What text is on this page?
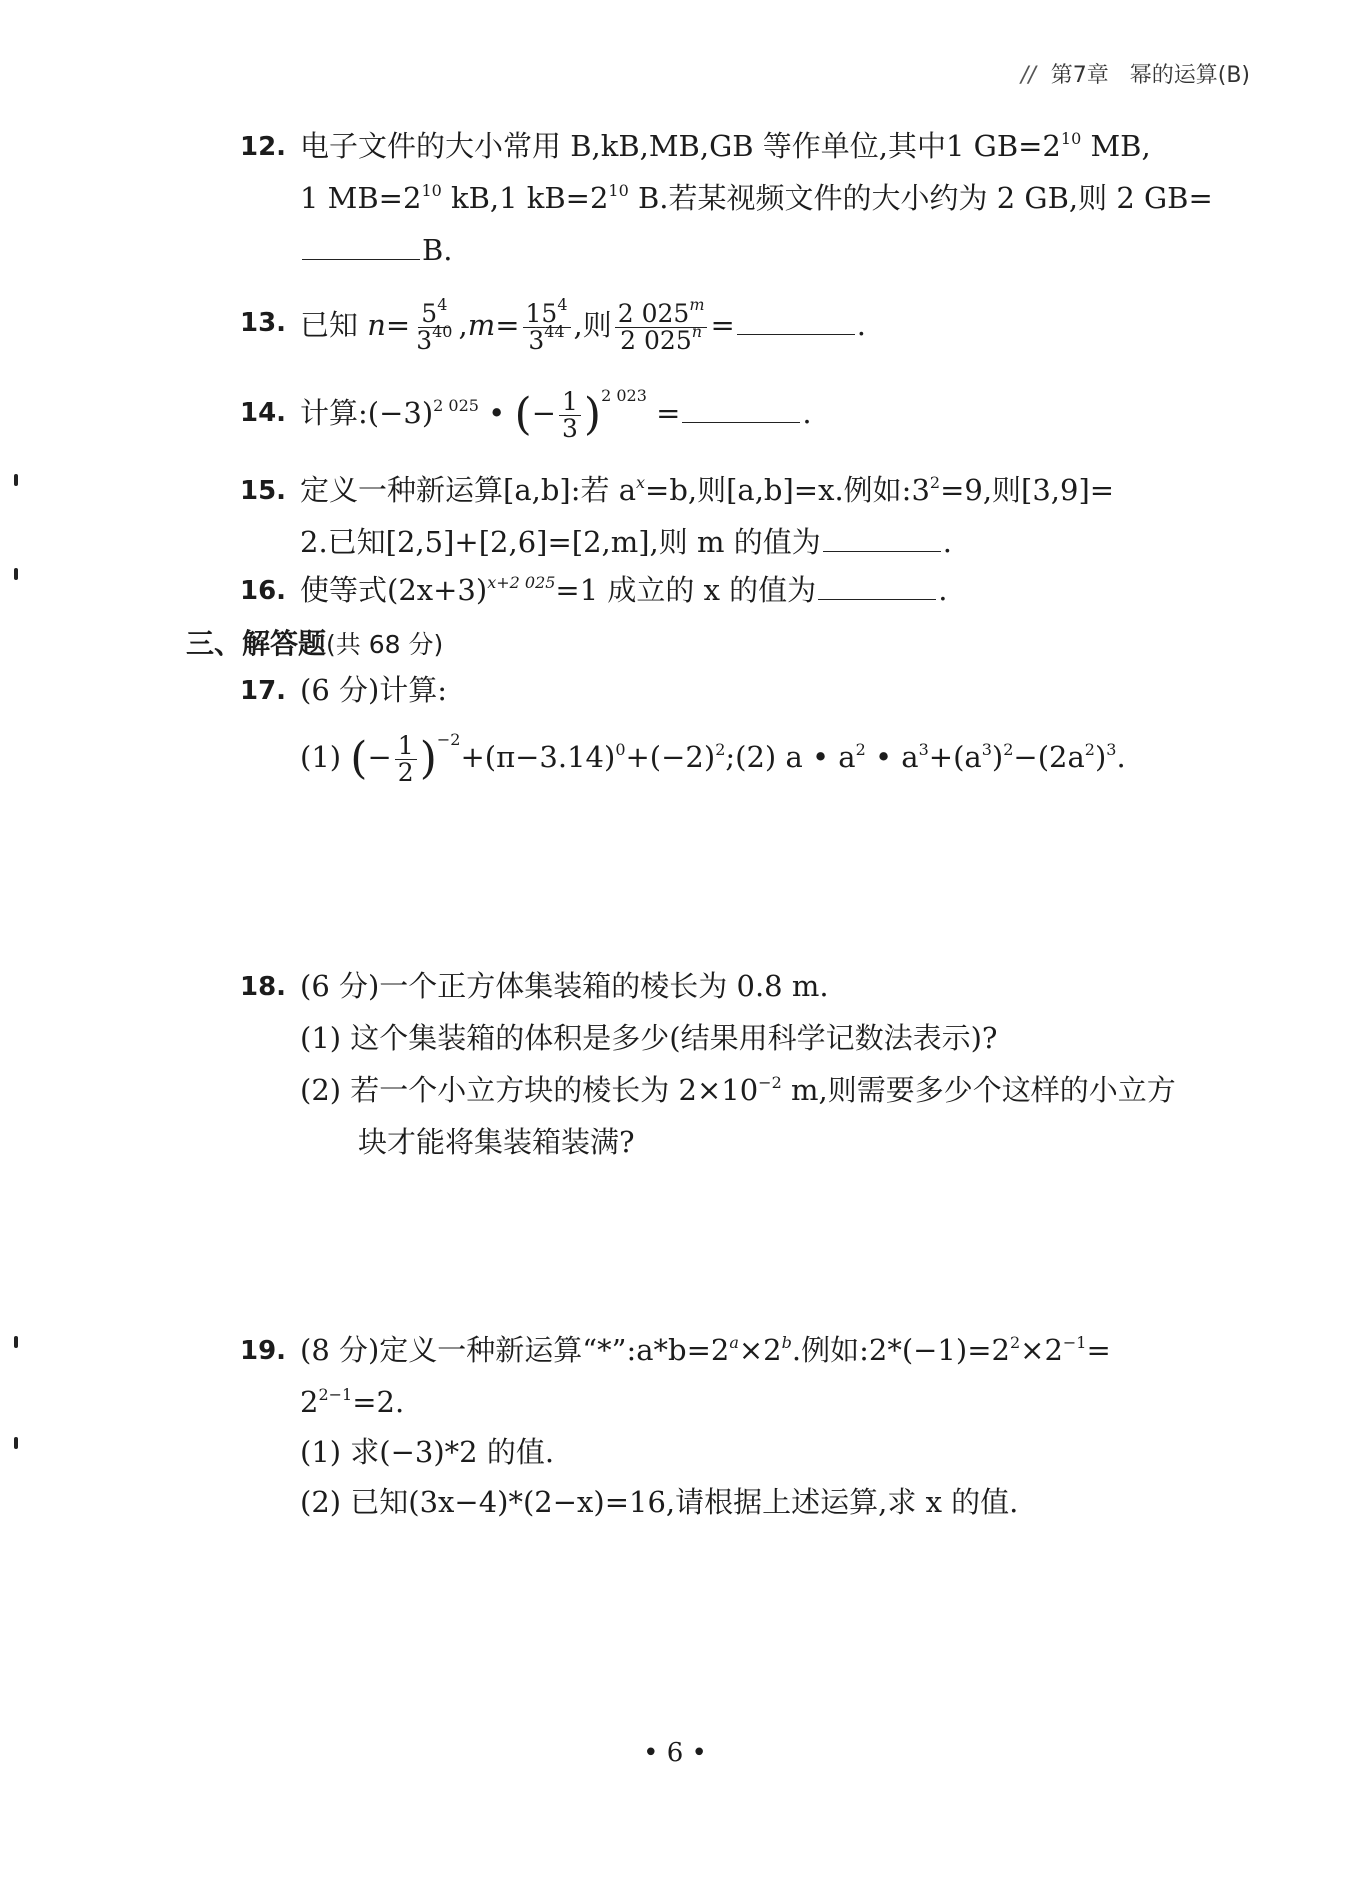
// 第7章 幂的运算(B)
12. 电子文件的大小常用 B,kB,MB,GB 等作单位,其中1 $GB=2^{10}$ MB,
1 $MB=2^{10}$ kB,1 $kB=2^{10}$ B.若某视频文件的大小约为 2 GB,则 2 GB=
B.
13. 已知 $n= \frac{5^4}{3^{40}} ,m= \frac{15^4}{3^{44}}$ ,则 $\frac{2 025^m}{2 025^n}$ =	.
14. 计算$:(-3)^{2 025}$ • (− $\frac{1}{3} )^{2 023}$ =	.
15. 定义一种新运算[a,b]:若 $a^x=b$,则[a,b]=x.例如$:3^2=9$,则[3,9]=
2.已知[2,5]+[2,6]=[2,m],则 m 的值为	.
16. 使等式$(2x+3)^{x+2 025}=1$ 成立的 x 的值为	.
三、解答题(共 68 分)
17. (6 分)计算:
(1) (− $\frac{1}{2}$ )$^{-2}+(\pi-3.14)^0+(-2)^2;(2)$ a • $a^2$ • $a^3+(a^3)^2-(2a^2)^3$.
18. (6 分)一个正方体集装箱的棱长为 0.8 m.
(1) 这个集装箱的体积是多少(结果用科学记数法表示)?
(2) 若一个小立方块的棱长为 $2\times 10^{-2}$ m,则需要多少个这样的小立方
块才能将集装箱装满?
19. (8 分)定义一种新运算“$*”:a*b=2^a\times 2^b$.例如$:2*(-1)=2^2\times 2^{-1}=$
$2^{2-1}=2$.
(1) 求(−3)*2 的值.
(2) 已知(3x−4)*(2−x)=16,请根据上述运算,求 x 的值.
• 6 •
